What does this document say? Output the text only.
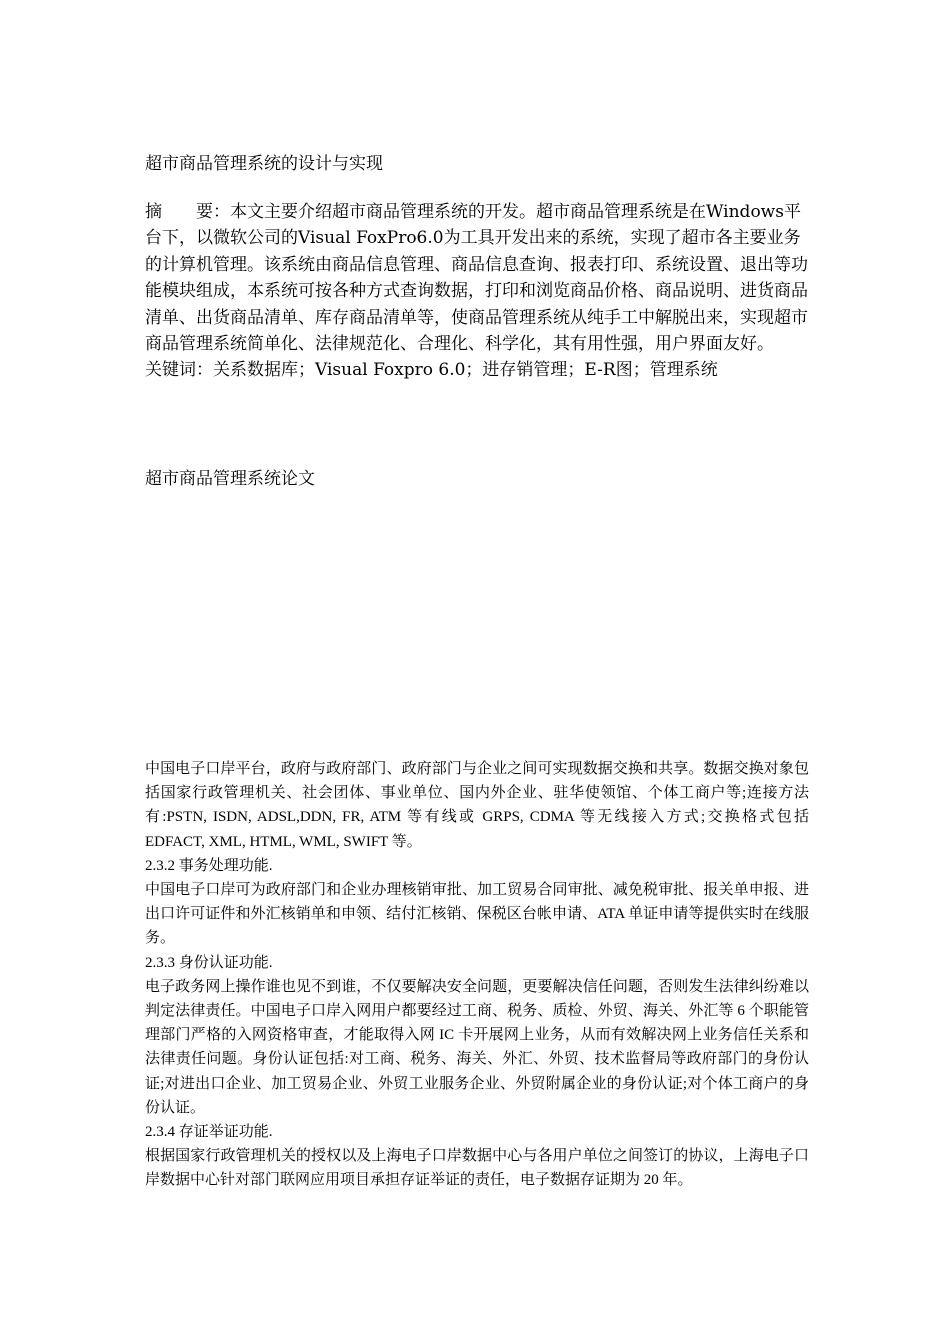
超市商品管理系统的设计与实现

摘　　要：本文主要介绍超市商品管理系统的开发。超市商品管理系统是在Windows平台下，以微软公司的Visual FoxPro6.0为工具开发出来的系统，实现了超市各主要业务的计算机管理。该系统由商品信息管理、商品信息查询、报表打印、系统设置、退出等功能模块组成，本系统可按各种方式查询数据，打印和浏览商品价格、商品说明、进货商品清单、出货商品清单、库存商品清单等，使商品管理系统从纯手工中解脱出来，实现超市商品管理系统简单化、法律规范化、合理化、科学化，其有用性强，用户界面友好。

关键词：关系数据库；Visual Foxpro 6.0；进存销管理；E-R图；管理系统

超市商品管理系统论文

中国电子口岸平台，政府与政府部门、政府部门与企业之间可实现数据交换和共享。数据交换对象包括国家行政管理机关、社会团体、事业单位、国内外企业、驻华使领馆、个体工商户等;连接方法有:PSTN, ISDN, ADSL,DDN, FR, ATM 等有线或 GRPS, CDMA 等无线接入方式;交换格式包括 EDFACT, XML, HTML, WML, SWIFT 等。

2.3.2 事务处理功能.

中国电子口岸可为政府部门和企业办理核销审批、加工贸易合同审批、减免税审批、报关单申报、进出口许可证件和外汇核销单和申领、结付汇核销、保税区台帐申请、ATA 单证申请等提供实时在线服务。

2.3.3 身份认证功能.

电子政务网上操作谁也见不到谁，不仅要解决安全问题，更要解决信任问题，否则发生法律纠纷难以判定法律责任。中国电子口岸入网用户都要经过工商、税务、质检、外贸、海关、外汇等 6 个职能管理部门严格的入网资格审查，才能取得入网 IC 卡开展网上业务，从而有效解决网上业务信任关系和法律责任问题。身份认证包括:对工商、税务、海关、外汇、外贸、技术监督局等政府部门的身份认证;对进出口企业、加工贸易企业、外贸工业服务企业、外贸附属企业的身份认证;对个体工商户的身份认证。

2.3.4 存证举证功能.

根据国家行政管理机关的授权以及上海电子口岸数据中心与各用户单位之间签订的协议，上海电子口岸数据中心针对部门联网应用项目承担存证举证的责任，电子数据存证期为 20 年。
